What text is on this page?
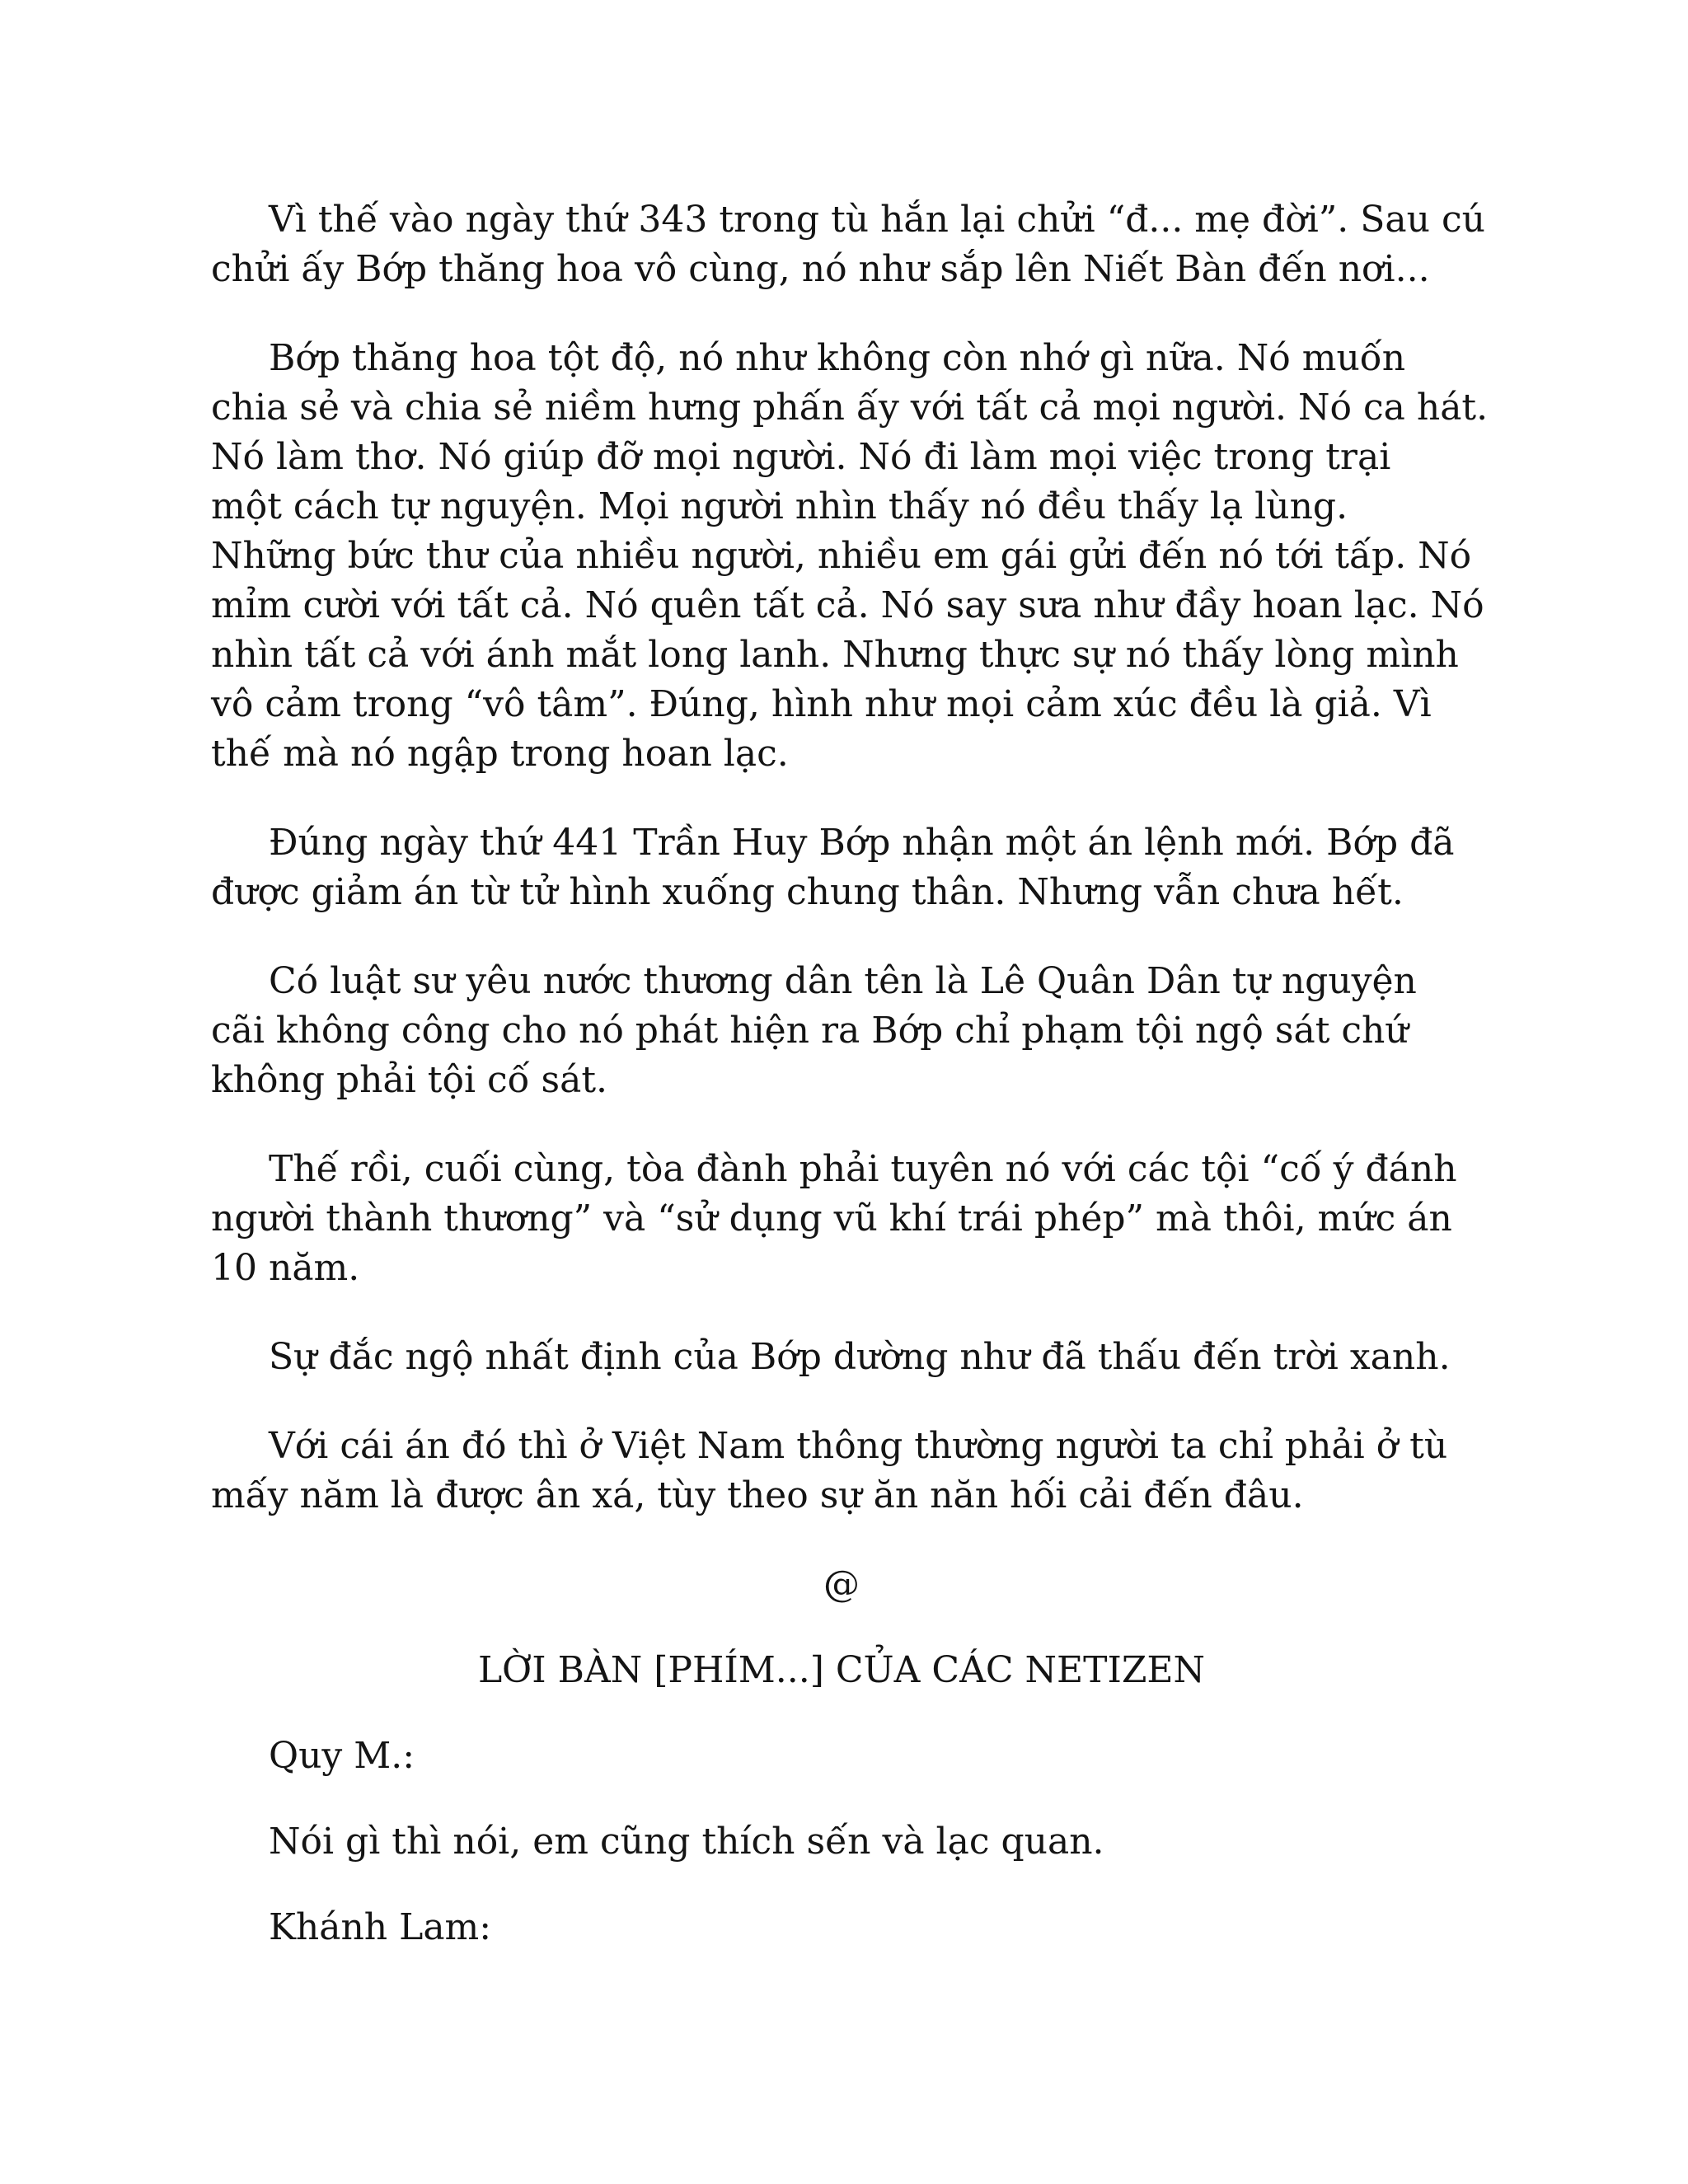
Vì thế vào ngày thứ 343 trong tù hắn lại chửi “đ... mẹ đời”. Sau cú
chửi ấy Bớp thăng hoa vô cùng, nó như sắp lên Niết Bàn đến nơi...

Bớp thăng hoa tột độ, nó như không còn nhớ gì nữa. Nó muốn
chia sẻ và chia sẻ niềm hưng phấn ấy với tất cả mọi người. Nó ca hát.
Nó làm thơ. Nó giúp đỡ mọi người. Nó đi làm mọi việc trong trại
một cách tự nguyện. Mọi người nhìn thấy nó đều thấy lạ lùng.
Những bức thư của nhiều người, nhiều em gái gửi đến nó tới tấp. Nó
mỉm cười với tất cả. Nó quên tất cả. Nó say sưa như đầy hoan lạc. Nó
nhìn tất cả với ánh mắt long lanh. Nhưng thực sự nó thấy lòng mình
vô cảm trong “vô tâm”. Đúng, hình như mọi cảm xúc đều là giả. Vì
thế mà nó ngập trong hoan lạc.

Đúng ngày thứ 441 Trần Huy Bớp nhận một án lệnh mới. Bớp đã
được giảm án từ tử hình xuống chung thân. Nhưng vẫn chưa hết.

Có luật sư yêu nước thương dân tên là Lê Quân Dân tự nguyện
cãi không công cho nó phát hiện ra Bớp chỉ phạm tội ngộ sát chứ
không phải tội cố sát.

Thế rồi, cuối cùng, tòa đành phải tuyên nó với các tội “cố ý đánh
người thành thương” và “sử dụng vũ khí trái phép” mà thôi, mức án
10 năm.

Sự đắc ngộ nhất định của Bớp dường như đã thấu đến trời xanh.

Với cái án đó thì ở Việt Nam thông thường người ta chỉ phải ở tù
mấy năm là được ân xá, tùy theo sự ăn năn hối cải đến đâu.

@

LỜI BÀN [PHÍM...] CỦA CÁC NETIZEN

Quy M.:

Nói gì thì nói, em cũng thích sến và lạc quan.

Khánh Lam:
